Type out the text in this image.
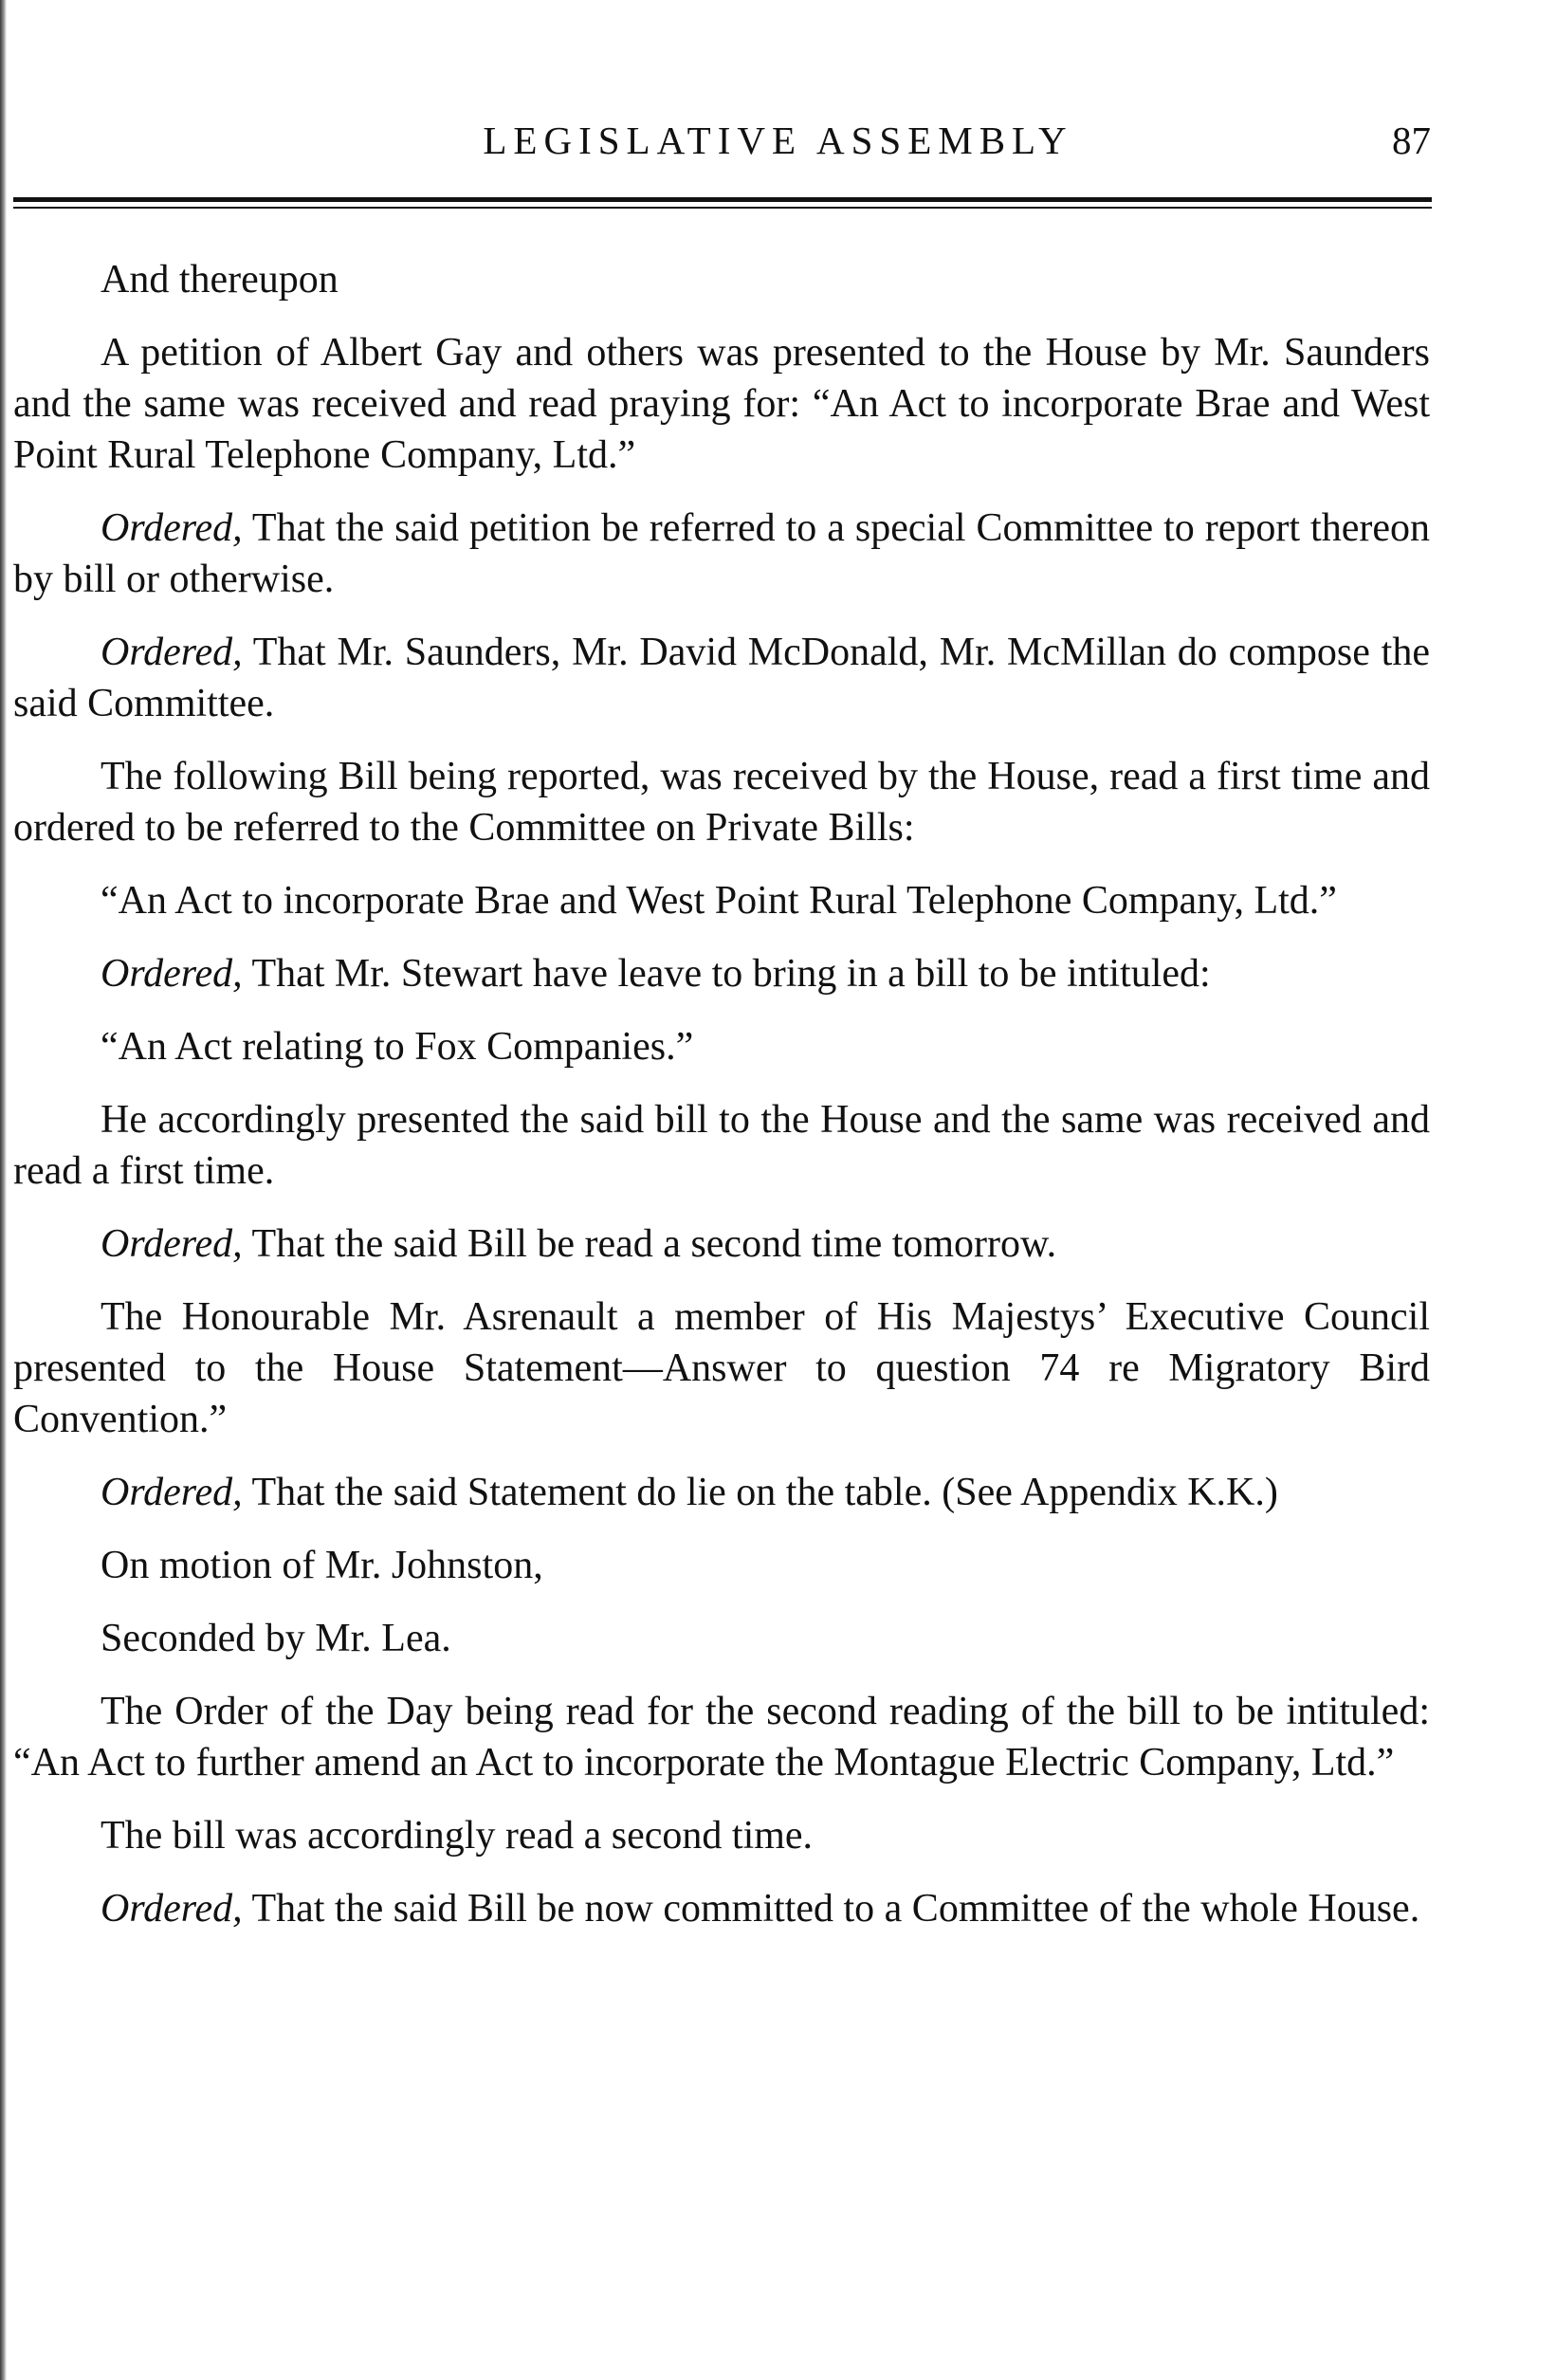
LEGISLATIVE ASSEMBLY	87

And thereupon

A petition of Albert Gay and others was presented to the House by Mr. Saunders and the same was received and read praying for: “An Act to incorporate Brae and West Point Rural Telephone Company, Ltd.”

Ordered, That the said petition be referred to a special Committee to report thereon by bill or otherwise.

Ordered, That Mr. Saunders, Mr. David McDonald, Mr. McMillan do compose the said Committee.

The following Bill being reported, was received by the House, read a first time and ordered to be referred to the Committee on Private Bills:

“An Act to incorporate Brae and West Point Rural Telephone Company, Ltd.”

Ordered, That Mr. Stewart have leave to bring in a bill to be intituled:

“An Act relating to Fox Companies.”

He accordingly presented the said bill to the House and the same was received and read a first time.

Ordered, That the said Bill be read a second time tomorrow.

The Honourable Mr. Asrenault a member of His Majestys’ Executive Council presented to the House Statement—Answer to question 74 re Migratory Bird Convention.”

Ordered, That the said Statement do lie on the table. (See Appendix K.K.)

On motion of Mr. Johnston,

Seconded by Mr. Lea.

The Order of the Day being read for the second reading of the bill to be intituled: “An Act to further amend an Act to incorporate the Montague Electric Company, Ltd.”

The bill was accordingly read a second time.

Ordered, That the said Bill be now committed to a Committee of the whole House.
